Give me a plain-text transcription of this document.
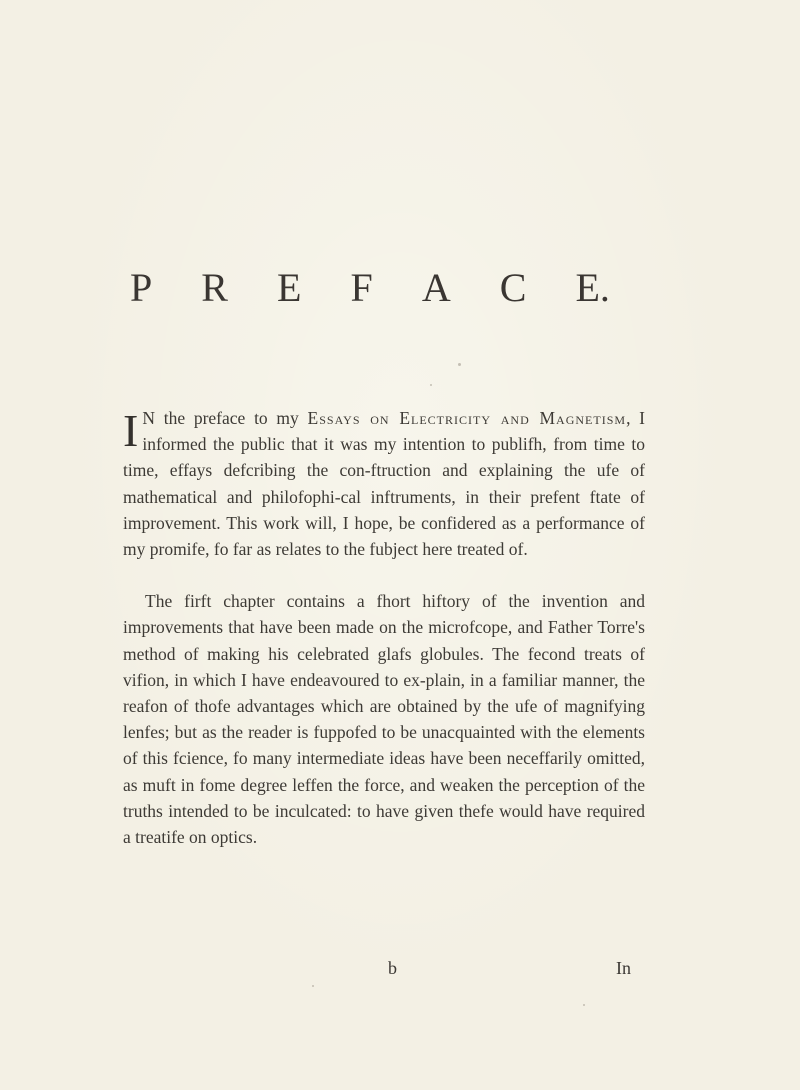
P R E F A C E.

I N the preface to my Essays on Electricity and Magnetism, I informed the public that it was my intention to publifh, from time to time, effays defcribing the con-ftruction and explaining the ufe of mathematical and philofophi-cal inftruments, in their prefent ftate of improvement. This work will, I hope, be confidered as a performance of my promife, fo far as relates to the fubject here treated of.

The firft chapter contains a fhort hiftory of the invention and improvements that have been made on the microfcope, and Father Torre's method of making his celebrated glafs globules. The fecond treats of vifion, in which I have endeavoured to ex-plain, in a familiar manner, the reafon of thofe advantages which are obtained by the ufe of magnifying lenfes; but as the reader is fuppofed to be unacquainted with the elements of this fcience, fo many intermediate ideas have been neceffarily omitted, as muft in fome degree leffen the force, and weaken the perception of the truths intended to be inculcated: to have given thefe would have required a treatife on optics.

b	In
